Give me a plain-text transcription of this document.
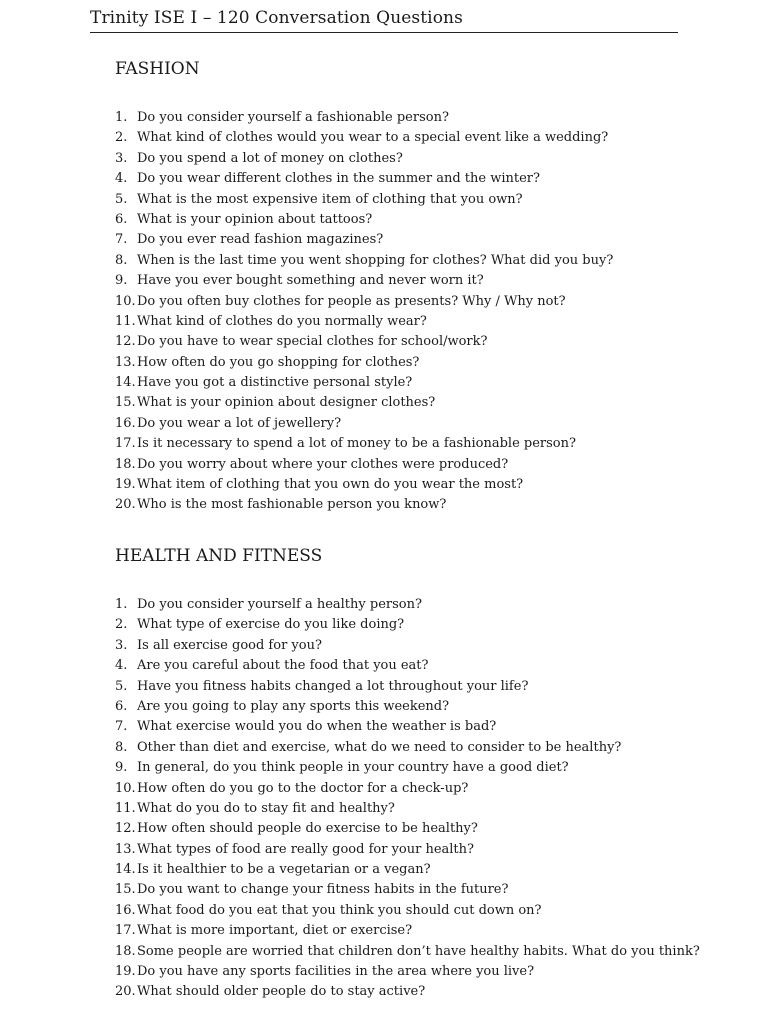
Trinity ISE I – 120 Conversation Questions
FASHION
1. Do you consider yourself a fashionable person?
2. What kind of clothes would you wear to a special event like a wedding?
3. Do you spend a lot of money on clothes?
4. Do you wear different clothes in the summer and the winter?
5. What is the most expensive item of clothing that you own?
6. What is your opinion about tattoos?
7. Do you ever read fashion magazines?
8. When is the last time you went shopping for clothes? What did you buy?
9. Have you ever bought something and never worn it?
10.Do you often buy clothes for people as presents? Why / Why not?
11.What kind of clothes do you normally wear?
12.Do you have to wear special clothes for school/work?
13.How often do you go shopping for clothes?
14.Have you got a distinctive personal style?
15.What is your opinion about designer clothes?
16.Do you wear a lot of jewellery?
17.Is it necessary to spend a lot of money to be a fashionable person?
18.Do you worry about where your clothes were produced?
19.What item of clothing that you own do you wear the most?
20.Who is the most fashionable person you know?
HEALTH AND FITNESS
1. Do you consider yourself a healthy person?
2. What type of exercise do you like doing?
3. Is all exercise good for you?
4. Are you careful about the food that you eat?
5. Have you fitness habits changed a lot throughout your life?
6. Are you going to play any sports this weekend?
7. What exercise would you do when the weather is bad?
8. Other than diet and exercise, what do we need to consider to be healthy?
9. In general, do you think people in your country have a good diet?
10.How often do you go to the doctor for a check-up?
11.What do you do to stay fit and healthy?
12.How often should people do exercise to be healthy?
13.What types of food are really good for your health?
14.Is it healthier to be a vegetarian or a vegan?
15.Do you want to change your fitness habits in the future?
16.What food do you eat that you think you should cut down on?
17.What is more important, diet or exercise?
18.Some people are worried that children don’t have healthy habits. What do you think?
19.Do you have any sports facilities in the area where you live?
20.What should older people do to stay active?
